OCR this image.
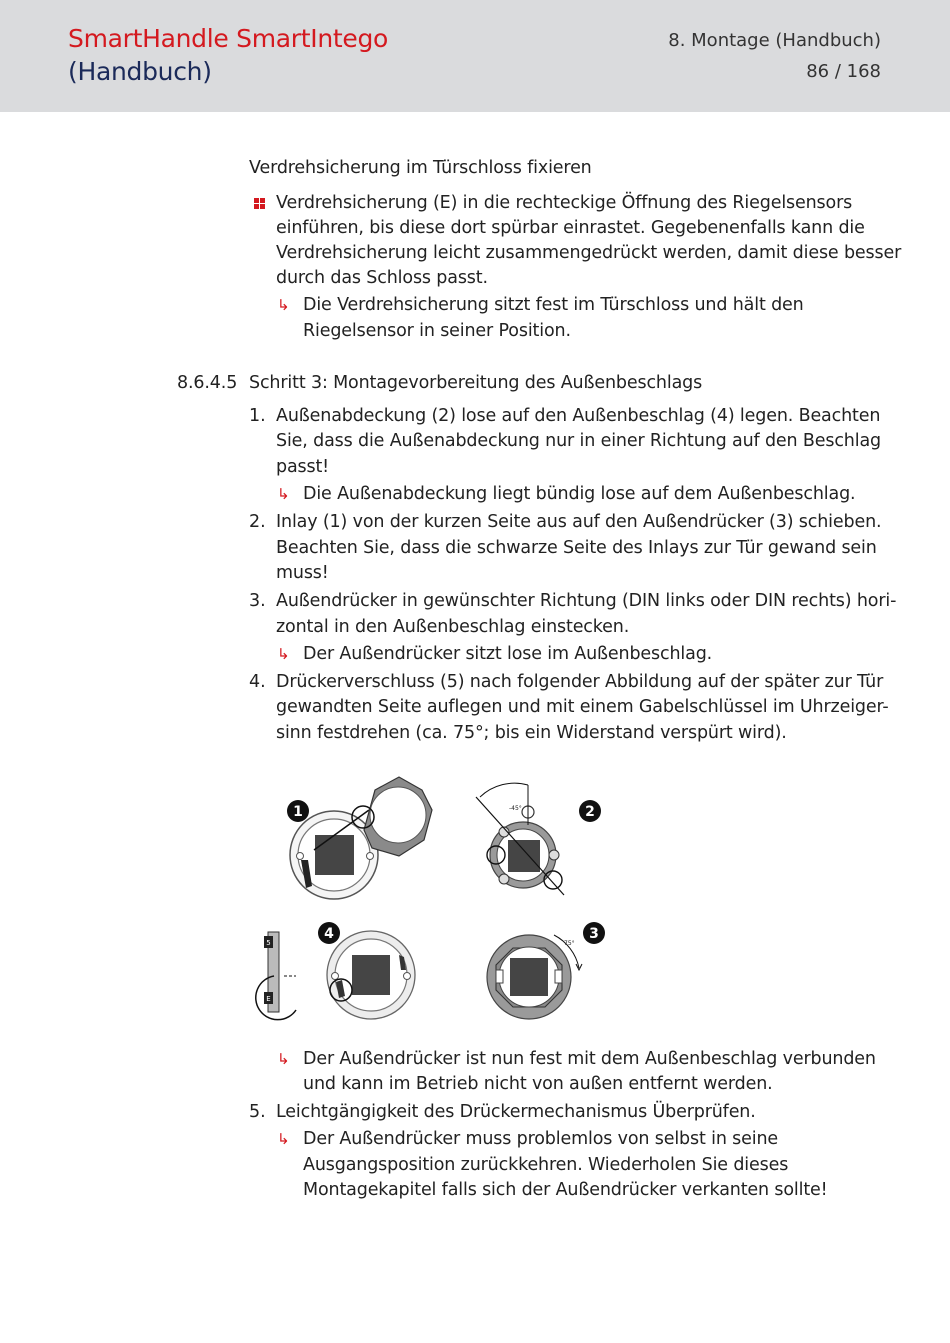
SmartHandle SmartIntego
(Handbuch)
8. Montage (Handbuch)
86 / 168
Verdrehsicherung im Türschloss fixieren
Verdrehsicherung (E) in die rechteckige Öffnung des Riegelsensors
einführen, bis diese dort spürbar einrastet. Gegebenenfalls kann die
Verdrehsicherung leicht zusammengedrückt werden, damit diese besser
durch das Schloss passt.
↳ Die Verdrehsicherung sitzt fest im Türschloss und hält den
Riegelsensor in seiner Position.
8.6.4.5 Schritt 3: Montagevorbereitung des Außenbeschlags
1. Außenabdeckung (2) lose auf den Außenbeschlag (4) legen. Beachten
Sie, dass die Außenabdeckung nur in einer Richtung auf den Beschlag
passt!
↳ Die Außenabdeckung liegt bündig lose auf dem Außenbeschlag.
2. Inlay (1) von der kurzen Seite aus auf den Außendrücker (3) schieben.
Beachten Sie, dass die schwarze Seite des Inlays zur Tür gewand sein
muss!
3. Außendrücker in gewünschter Richtung (DIN links oder DIN rechts) hori-
zontal in den Außenbeschlag einstecken.
↳ Der Außendrücker sitzt lose im Außenbeschlag.
4. Drückerverschluss (5) nach folgender Abbildung auf der später zur Tür
gewandten Seite auflegen und mit einem Gabelschlüssel im Uhrzeiger-
sinn festdrehen (ca. 75°; bis ein Widerstand verspürt wird).
1	-45°	2
5
E
4
75°
3
↳ Der Außendrücker ist nun fest mit dem Außenbeschlag verbunden
und kann im Betrieb nicht von außen entfernt werden.
5. Leichtgängigkeit des Drückermechanismus Überprüfen.
↳ Der Außendrücker muss problemlos von selbst in seine
Ausgangsposition zurückkehren. Wiederholen Sie dieses
Montagekapitel falls sich der Außendrücker verkanten sollte!
